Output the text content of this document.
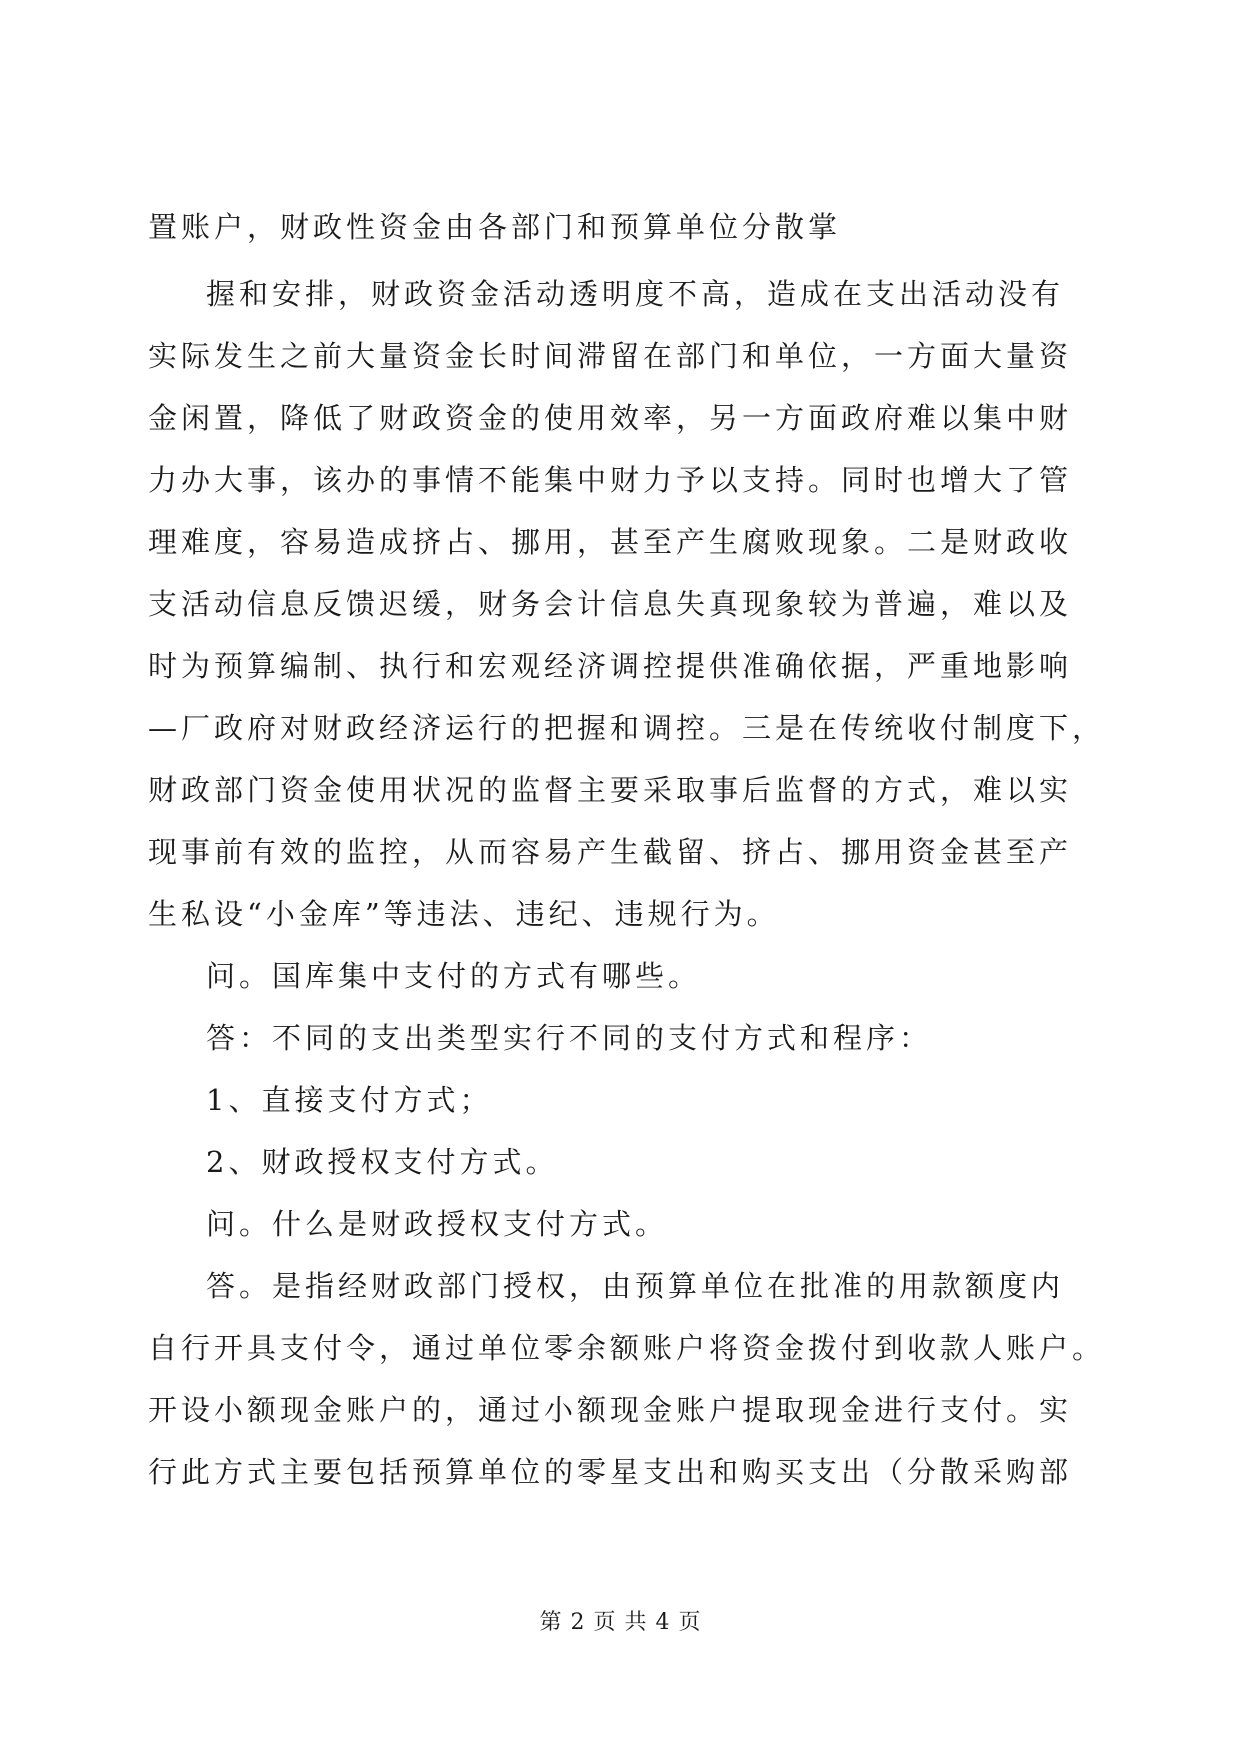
置账户，财政性资金由各部门和预算单位分散掌
握和安排，财政资金活动透明度不高，造成在支出活动没有
实际发生之前大量资金长时间滞留在部门和单位，一方面大量资
金闲置，降低了财政资金的使用效率，另一方面政府难以集中财
力办大事，该办的事情不能集中财力予以支持。同时也增大了管
理难度，容易造成挤占、挪用，甚至产生腐败现象。二是财政收
支活动信息反馈迟缓，财务会计信息失真现象较为普遍，难以及
时为预算编制、执行和宏观经济调控提供准确依据，严重地影响
—厂政府对财政经济运行的把握和调控。三是在传统收付制度下，
财政部门资金使用状况的监督主要采取事后监督的方式，难以实
现事前有效的监控，从而容易产生截留、挤占、挪用资金甚至产
生私设“小金库”等违法、违纪、违规行为。
问。国库集中支付的方式有哪些。
答：不同的支出类型实行不同的支付方式和程序：
1、直接支付方式；
2、财政授权支付方式。
问。什么是财政授权支付方式。
答。是指经财政部门授权，由预算单位在批准的用款额度内
自行开具支付令，通过单位零余额账户将资金拨付到收款人账户。
开设小额现金账户的，通过小额现金账户提取现金进行支付。实
行此方式主要包括预算单位的零星支出和购买支出（分散采购部
第 2 页 共 4 页
